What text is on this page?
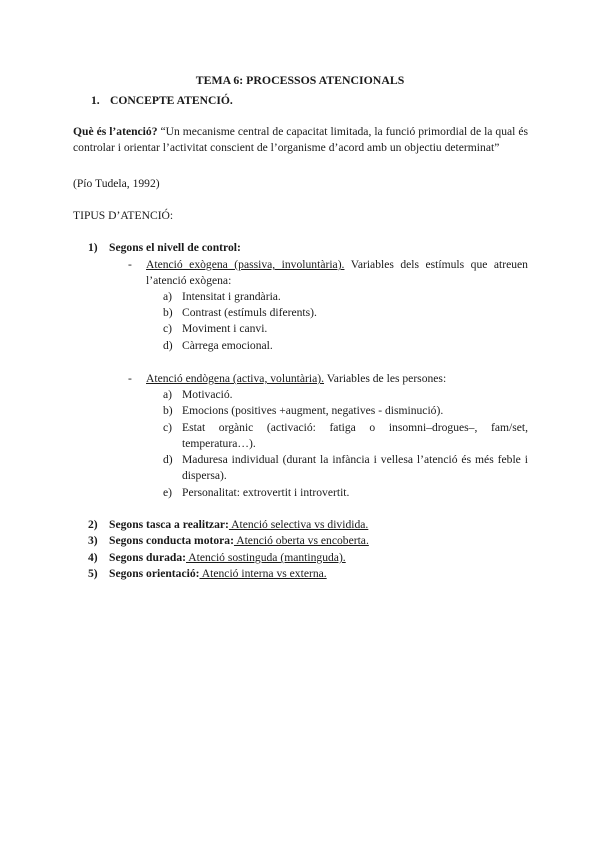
TEMA 6: PROCESSOS ATENCIONALS
1. CONCEPTE ATENCIÓ.
Què és l’atenció? “Un mecanisme central de capacitat limitada, la funció primordial de la qual és controlar i orientar l’activitat conscient de l’organisme d’acord amb un objectiu determinat”
(Pío Tudela, 1992)
TIPUS D’ATENCIÓ:
1) Segons el nivell de control:
- Atenció exògena (passiva, involuntària). Variables dels estímuls que atreuen l’atenció exògena:
a) Intensitat i grandària.
b) Contrast (estímuls diferents).
c) Moviment i canvi.
d) Càrrega emocional.
- Atenció endògena (activa, voluntària). Variables de les persones:
a) Motivació.
b) Emocions (positives +augment, negatives - disminució).
c) Estat orgànic (activació: fatiga o insomni–drogues–, fam/set, temperatura…).
d) Maduresa individual (durant la infància i vellesa l’atenció és més feble i dispersa).
e) Personalitat: extrovertit i introvertit.
2) Segons tasca a realitzar: Atenció selectiva vs dividida.
3) Segons conducta motora: Atenció oberta vs encoberta.
4) Segons durada: Atenció sostinguda (mantinguda).
5) Segons orientació: Atenció interna vs externa.
